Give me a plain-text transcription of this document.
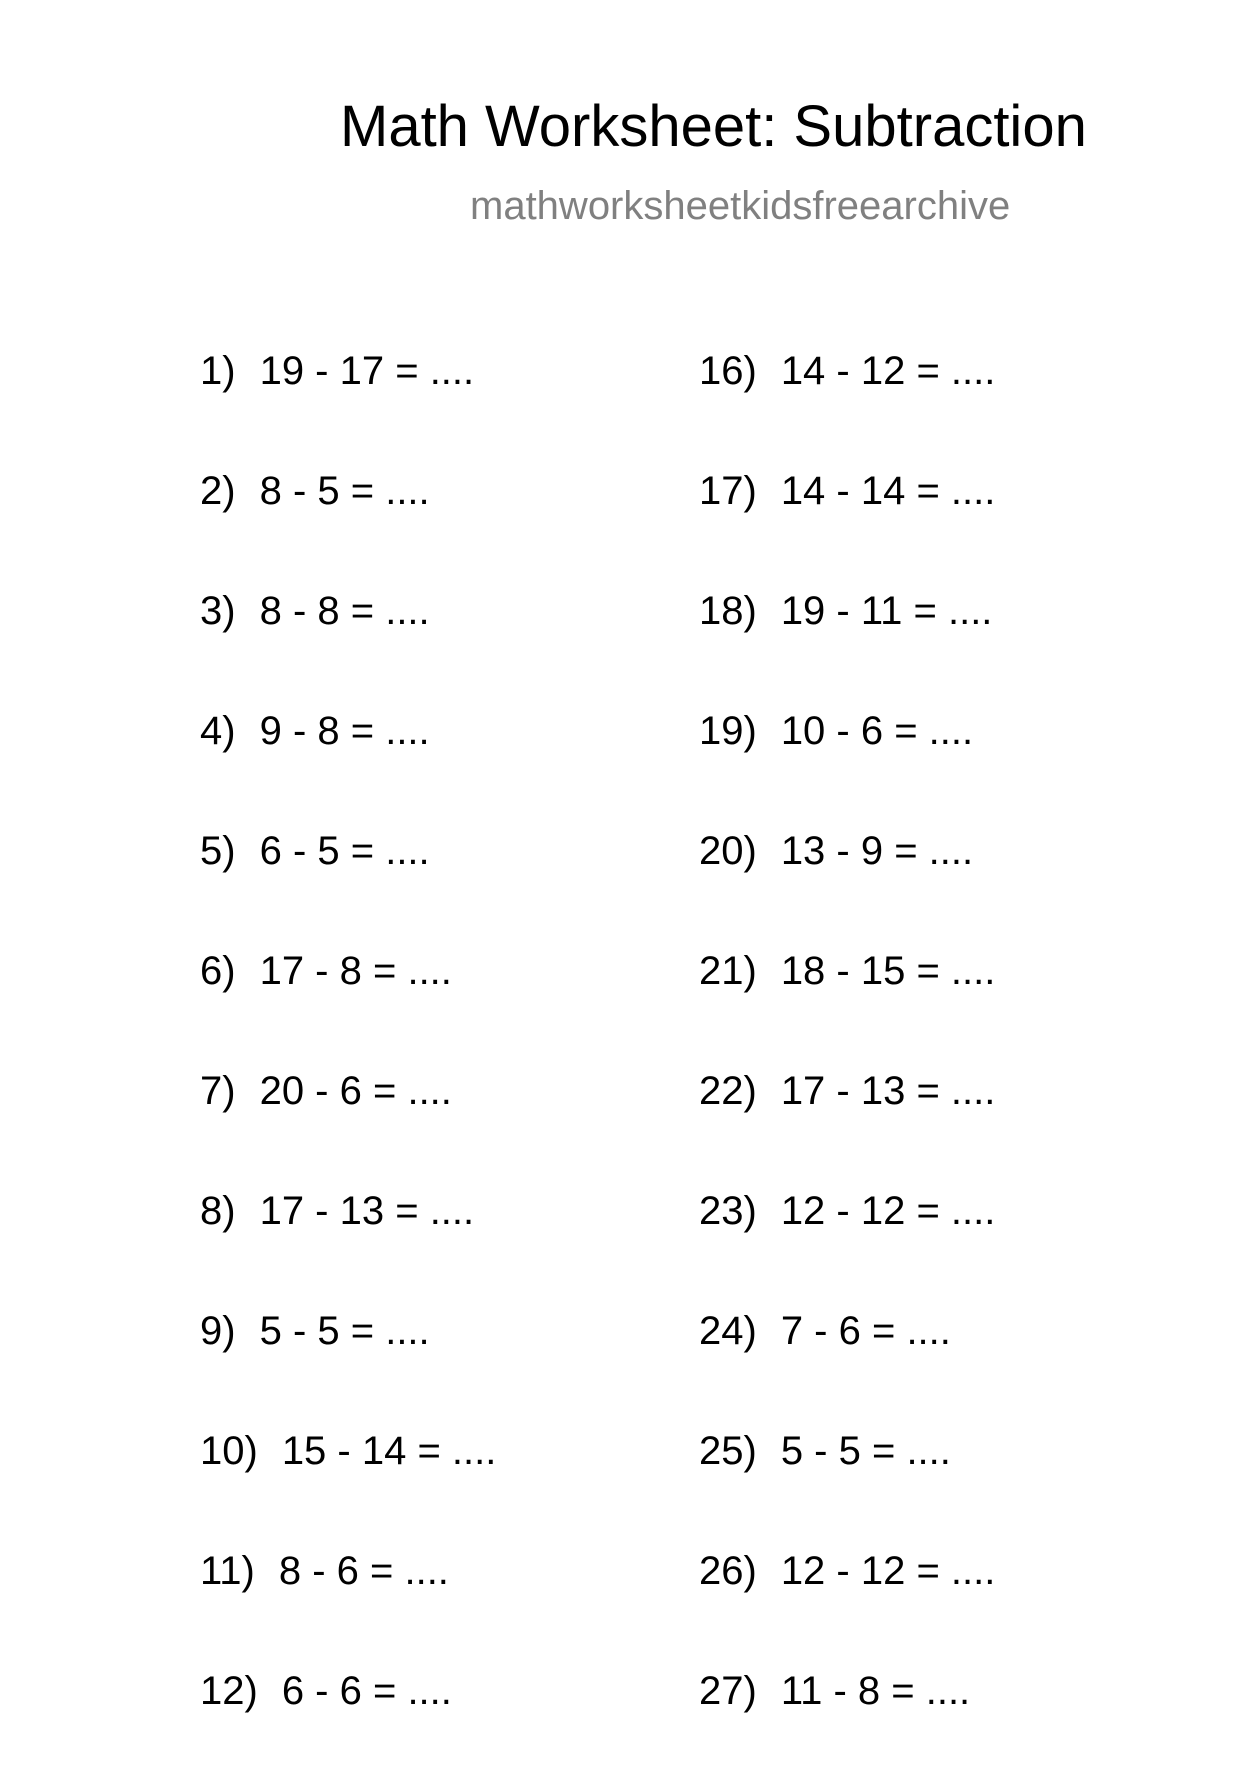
Math Worksheet: Subtraction
mathworksheetkidsfreearchive
1) 19 - 17 = ....
2) 8 - 5 = ....
3) 8 - 8 = ....
4) 9 - 8 = ....
5) 6 - 5 = ....
6) 17 - 8 = ....
7) 20 - 6 = ....
8) 17 - 13 = ....
9) 5 - 5 = ....
10) 15 - 14 = ....
11) 8 - 6 = ....
12) 6 - 6 = ....
16) 14 - 12 = ....
17) 14 - 14 = ....
18) 19 - 11 = ....
19) 10 - 6 = ....
20) 13 - 9 = ....
21) 18 - 15 = ....
22) 17 - 13 = ....
23) 12 - 12 = ....
24) 7 - 6 = ....
25) 5 - 5 = ....
26) 12 - 12 = ....
27) 11 - 8 = ....
